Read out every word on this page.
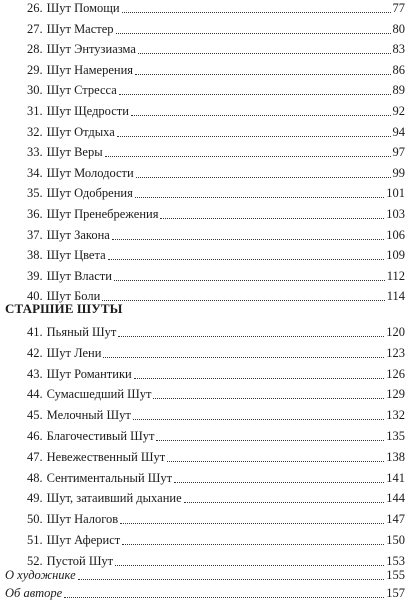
СТАРШИЕ ШУТЫ
26. Шут Помощи	77
27. Шут Мастер	80
28. Шут Энтузиазма	83
29. Шут Намерения	86
30. Шут Стресса	89
31. Шут Щедрости	92
32. Шут Отдыха	94
33. Шут Веры	97
34. Шут Молодости	99
35. Шут Одобрения	101
36. Шут Пренебрежения	103
37. Шут Закона	106
38. Шут Цвета	109
39. Шут Власти	112
40. Шут Боли	114
41. Пьяный Шут	120
42. Шут Лени	123
43. Шут Романтики	126
44. Сумасшедший Шут	129
45. Мелочный Шут	132
46. Благочестивый Шут	135
47. Невежественный Шут	138
48. Сентиментальный Шут	141
49. Шут, затаивший дыхание	144
50. Шут Налогов	147
51. Шут Аферист	150
52. Пустой Шут	153
О художнике	155
Об авторе	157
